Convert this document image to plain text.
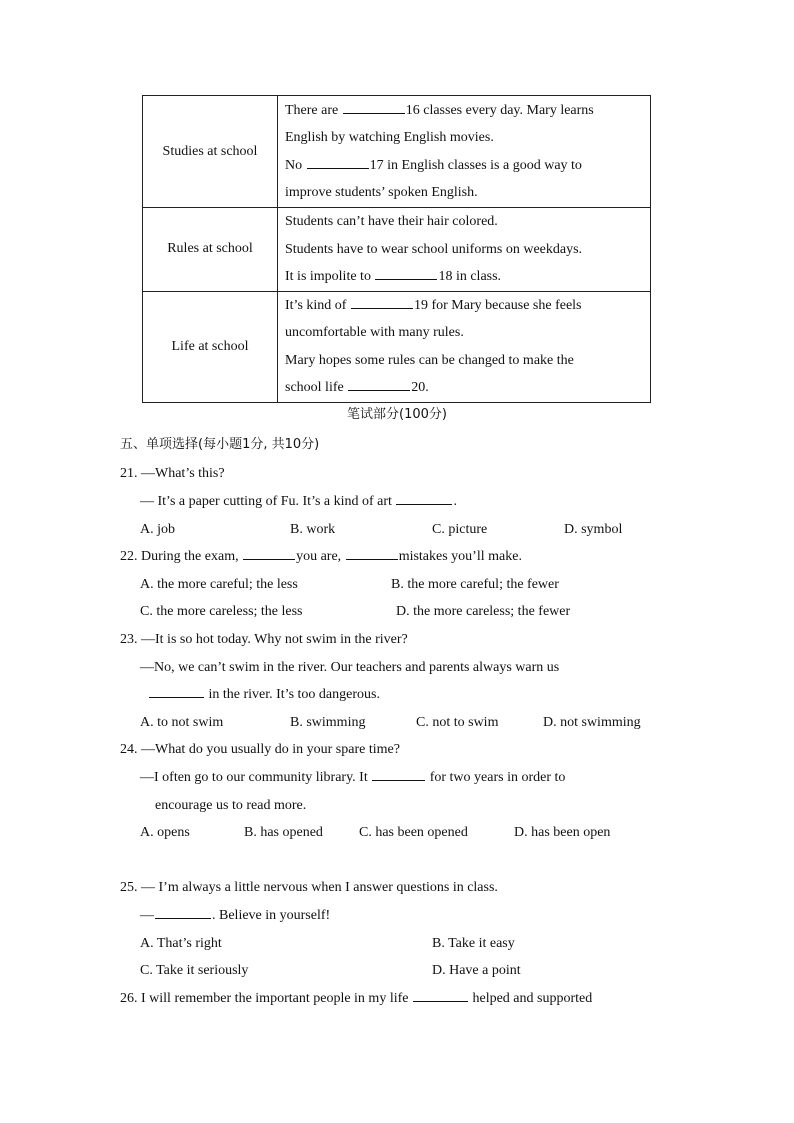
Studies at school	There are 16 classes every day. Mary learns
English by watching English movies.
No 17 in English classes is a good way to
improve students’ spoken English.

Rules at school	Students can’t have their hair colored.
Students have to wear school uniforms on weekdays.
It is impolite to 18 in class.

Life at school	It’s kind of 19 for Mary because she feels
uncomfortable with many rules.
Mary hopes some rules can be changed to make the
school life 20.
笔试部分(100分)
五、单项选择(每小题1分, 共10分)
21. —What’s this?
— It’s a paper cutting of Fu. It’s a kind of art	.
A. job	B. work	C. picture	D. symbol
22. During the exam,	you are,	mistakes you’ll make.
A. the more careful; the less	B. the more careful; the fewer
C. the more careless; the less	D. the more careless; the fewer
23. —It is so hot today. Why not swim in the river?
—No, we can’t swim in the river. Our teachers and parents always warn us
in the river. It’s too dangerous.
A. to not swim	B. swimming	C. not to swim	D. not swimming
24. —What do you usually do in your spare time?
—I often go to our community library. It	for two years in order to
encourage us to read more.
A. opens	B. has opened	C. has been opened	D. has been open
25. — I’m always a little nervous when I answer questions in class.
—	. Believe in yourself!
A. That’s right	B. Take it easy
C. Take it seriously	D. Have a point
26. I will remember the important people in my life	helped and supported
